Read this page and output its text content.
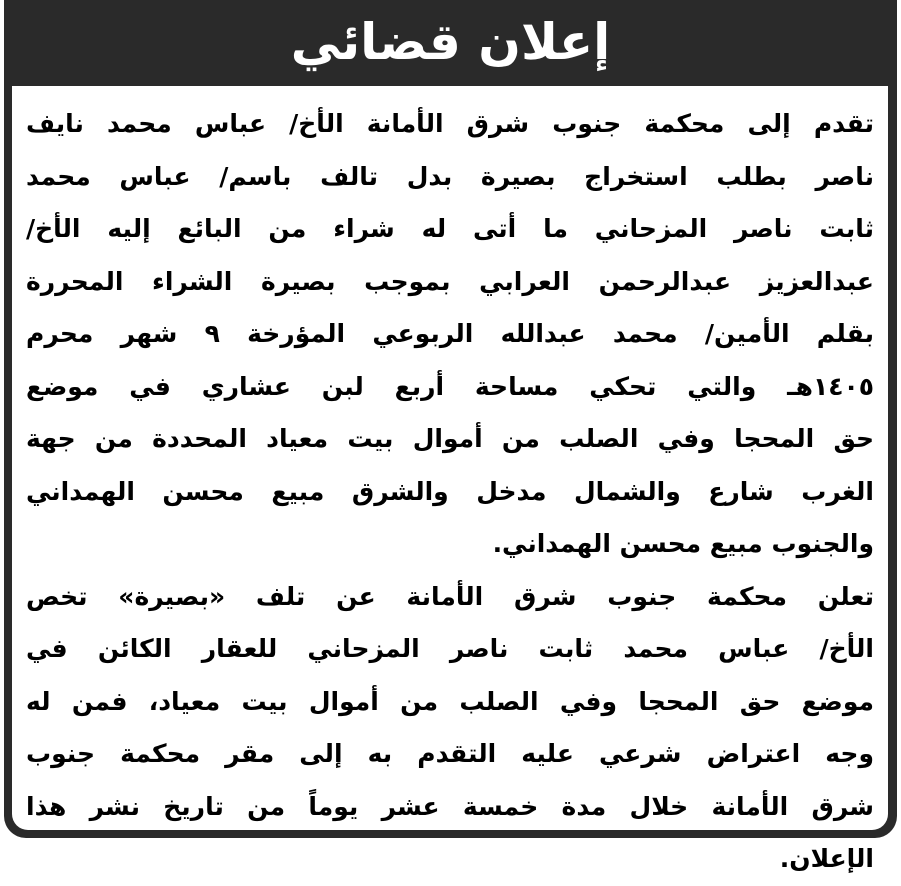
إعلان قضائي

تقدم إلى محكمة جنوب شرق الأمانة الأخ/ عباس محمد نايف
ناصر بطلب استخراج بصيرة بدل تالف باسم/ عباس محمد
ثابت ناصر المزحاني ما أتى له شراء من البائع إليه الأخ/
عبدالعزيز عبدالرحمن العرابي بموجب بصيرة الشراء المحررة
بقلم الأمين/ محمد عبدالله الربوعي المؤرخة ٩ شهر محرم
١٤٠٥هـ والتي تحكي مساحة أربع لبن عشاري في موضع
حق المحجا وفي الصلب من أموال بيت معياد المحددة من جهة
الغرب شارع والشمال مدخل والشرق مبيع محسن الهمداني
والجنوب مبيع محسن الهمداني.

تعلن محكمة جنوب شرق الأمانة عن تلف «بصيرة» تخص
الأخ/ عباس محمد ثابت ناصر المزحاني للعقار الكائن في
موضع حق المحجا وفي الصلب من أموال بيت معياد، فمن له
وجه اعتراض شرعي عليه التقدم به إلى مقر محكمة جنوب
شرق الأمانة خلال مدة خمسة عشر يوماً من تاريخ نشر هذا
الإعلان.
